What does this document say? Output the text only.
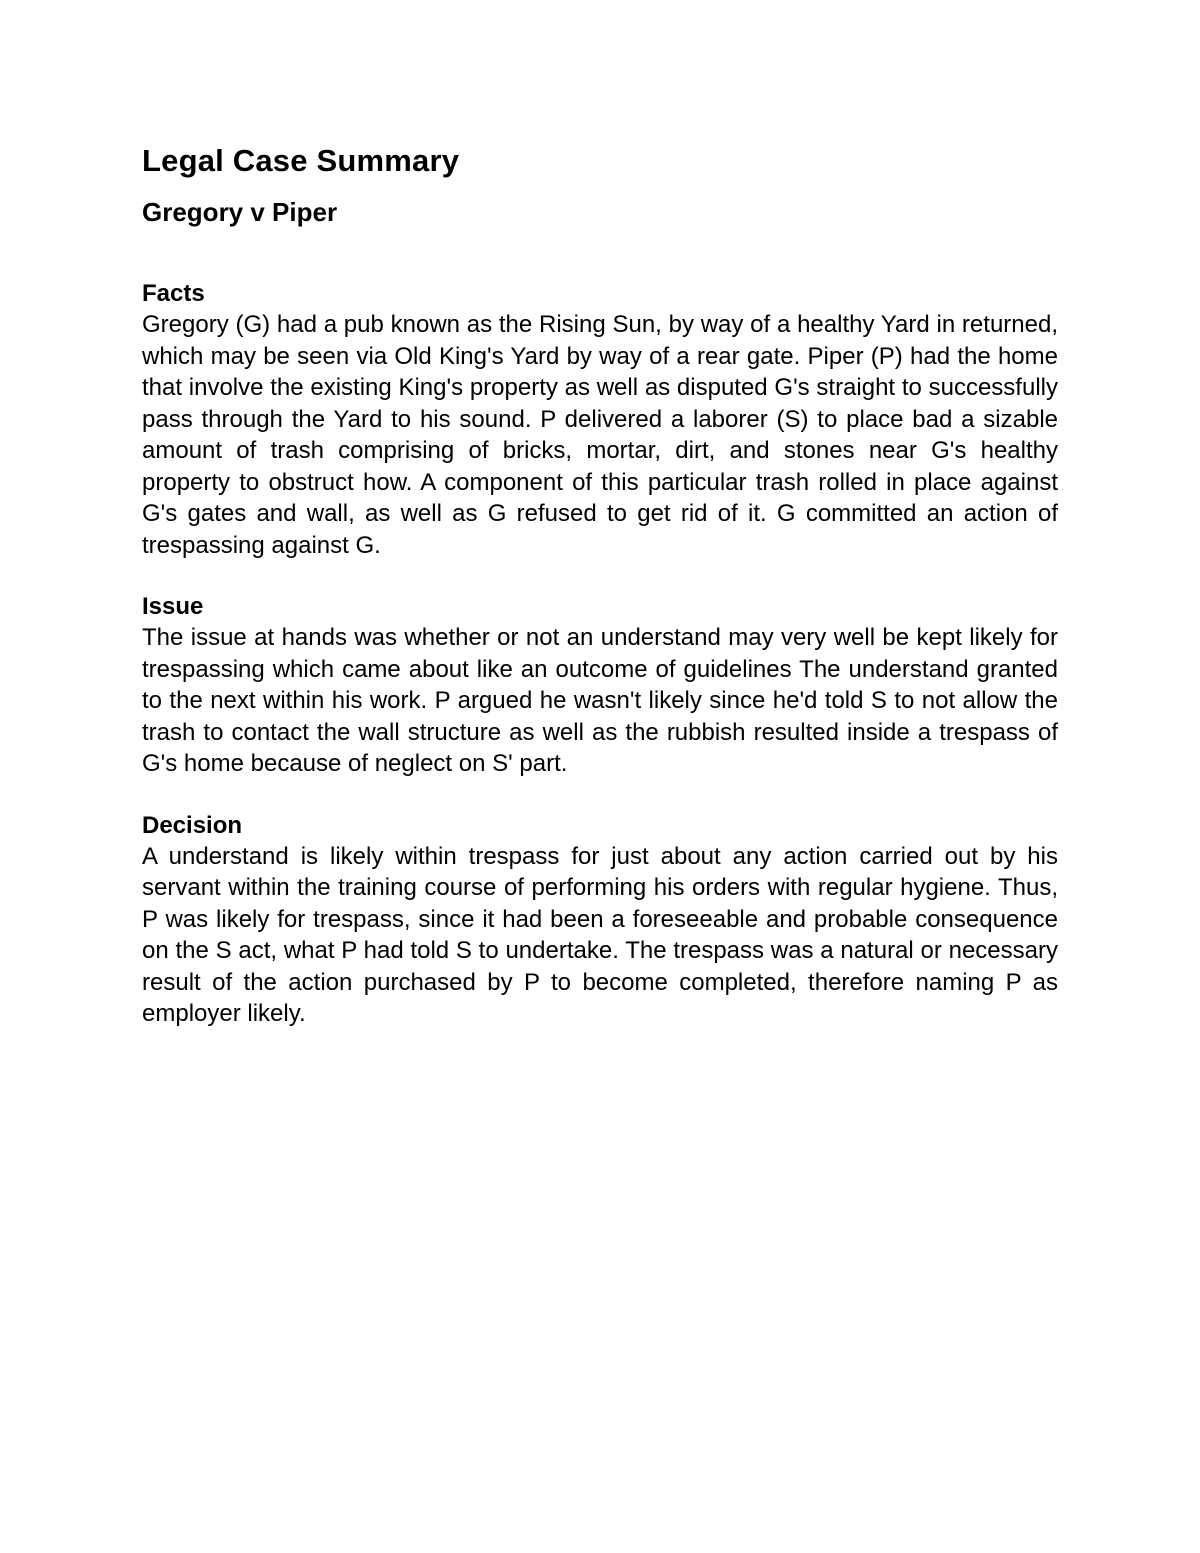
Legal Case Summary
Gregory v Piper
Facts

Gregory (G) had a pub known as the Rising Sun, by way of a healthy Yard in returned, which may be seen via Old King's Yard by way of a rear gate. Piper (P) had the home that involve the existing King's property as well as disputed G's straight to successfully pass through the Yard to his sound. P delivered a laborer (S) to place bad a sizable amount of trash comprising of bricks, mortar, dirt, and stones near G's healthy property to obstruct how. A component of this particular trash rolled in place against G's gates and wall, as well as G refused to get rid of it. G committed an action of trespassing against G.

Issue

The issue at hands was whether or not an understand may very well be kept likely for trespassing which came about like an outcome of guidelines The understand granted to the next within his work. P argued he wasn't likely since he'd told S to not allow the trash to contact the wall structure as well as the rubbish resulted inside a trespass of G's home because of neglect on S' part.

Decision

A understand is likely within trespass for just about any action carried out by his servant within the training course of performing his orders with regular hygiene. Thus, P was likely for trespass, since it had been a foreseeable and probable consequence on the S act, what P had told S to undertake. The trespass was a natural or necessary result of the action purchased by P to become completed, therefore naming P as employer likely.
